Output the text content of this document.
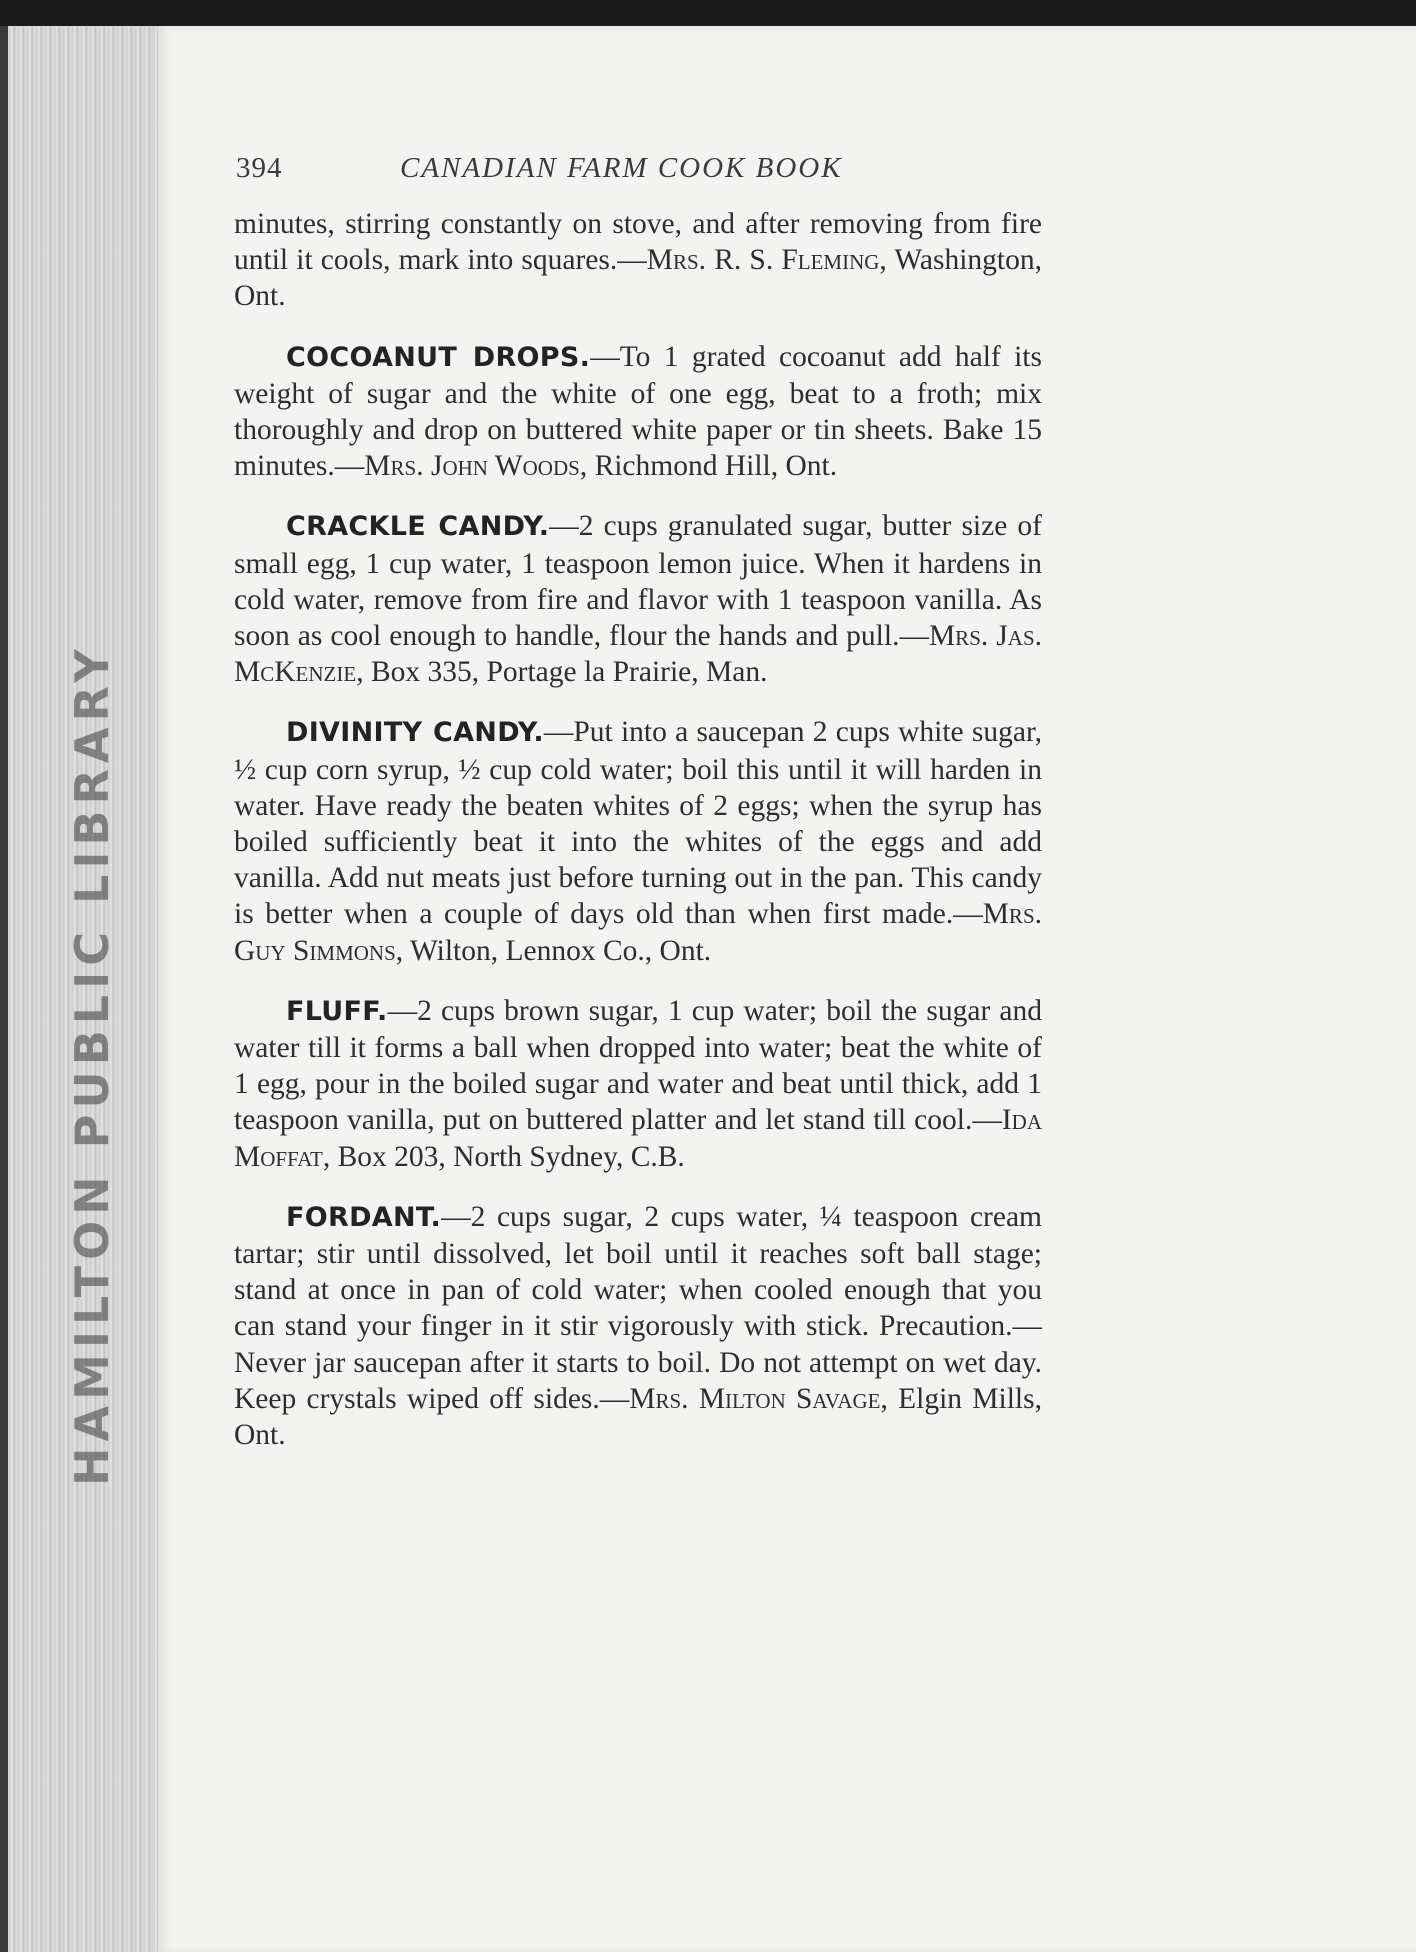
HAMILTON PUBLIC LIBRARY
394	CANADIAN FARM COOK BOOK

minutes, stirring constantly on stove, and after removing from fire until it cools, mark into squares.—Mrs. R. S. Fleming, Washington, Ont.

COCOANUT DROPS.—To 1 grated cocoanut add half its weight of sugar and the white of one egg, beat to a froth; mix thoroughly and drop on buttered white paper or tin sheets. Bake 15 minutes.—Mrs. John Woods, Richmond Hill, Ont.

CRACKLE CANDY.—2 cups granulated sugar, butter size of small egg, 1 cup water, 1 teaspoon lemon juice. When it hardens in cold water, remove from fire and flavor with 1 teaspoon vanilla. As soon as cool enough to handle, flour the hands and pull.—Mrs. Jas. McKenzie, Box 335, Portage la Prairie, Man.

DIVINITY CANDY.—Put into a saucepan 2 cups white sugar, ½ cup corn syrup, ½ cup cold water; boil this until it will harden in water. Have ready the beaten whites of 2 eggs; when the syrup has boiled sufficiently beat it into the whites of the eggs and add vanilla. Add nut meats just before turning out in the pan. This candy is better when a couple of days old than when first made.—Mrs. Guy Simmons, Wilton, Lennox Co., Ont.

FLUFF.—2 cups brown sugar, 1 cup water; boil the sugar and water till it forms a ball when dropped into water; beat the white of 1 egg, pour in the boiled sugar and water and beat until thick, add 1 teaspoon vanilla, put on buttered platter and let stand till cool.—Ida Moffat, Box 203, North Sydney, C.B.

FORDANT.—2 cups sugar, 2 cups water, ¼ teaspoon cream tartar; stir until dissolved, let boil until it reaches soft ball stage; stand at once in pan of cold water; when cooled enough that you can stand your finger in it stir vigorously with stick. Precaution.—Never jar saucepan after it starts to boil. Do not attempt on wet day. Keep crystals wiped off sides.—Mrs. Milton Savage, Elgin Mills, Ont.
